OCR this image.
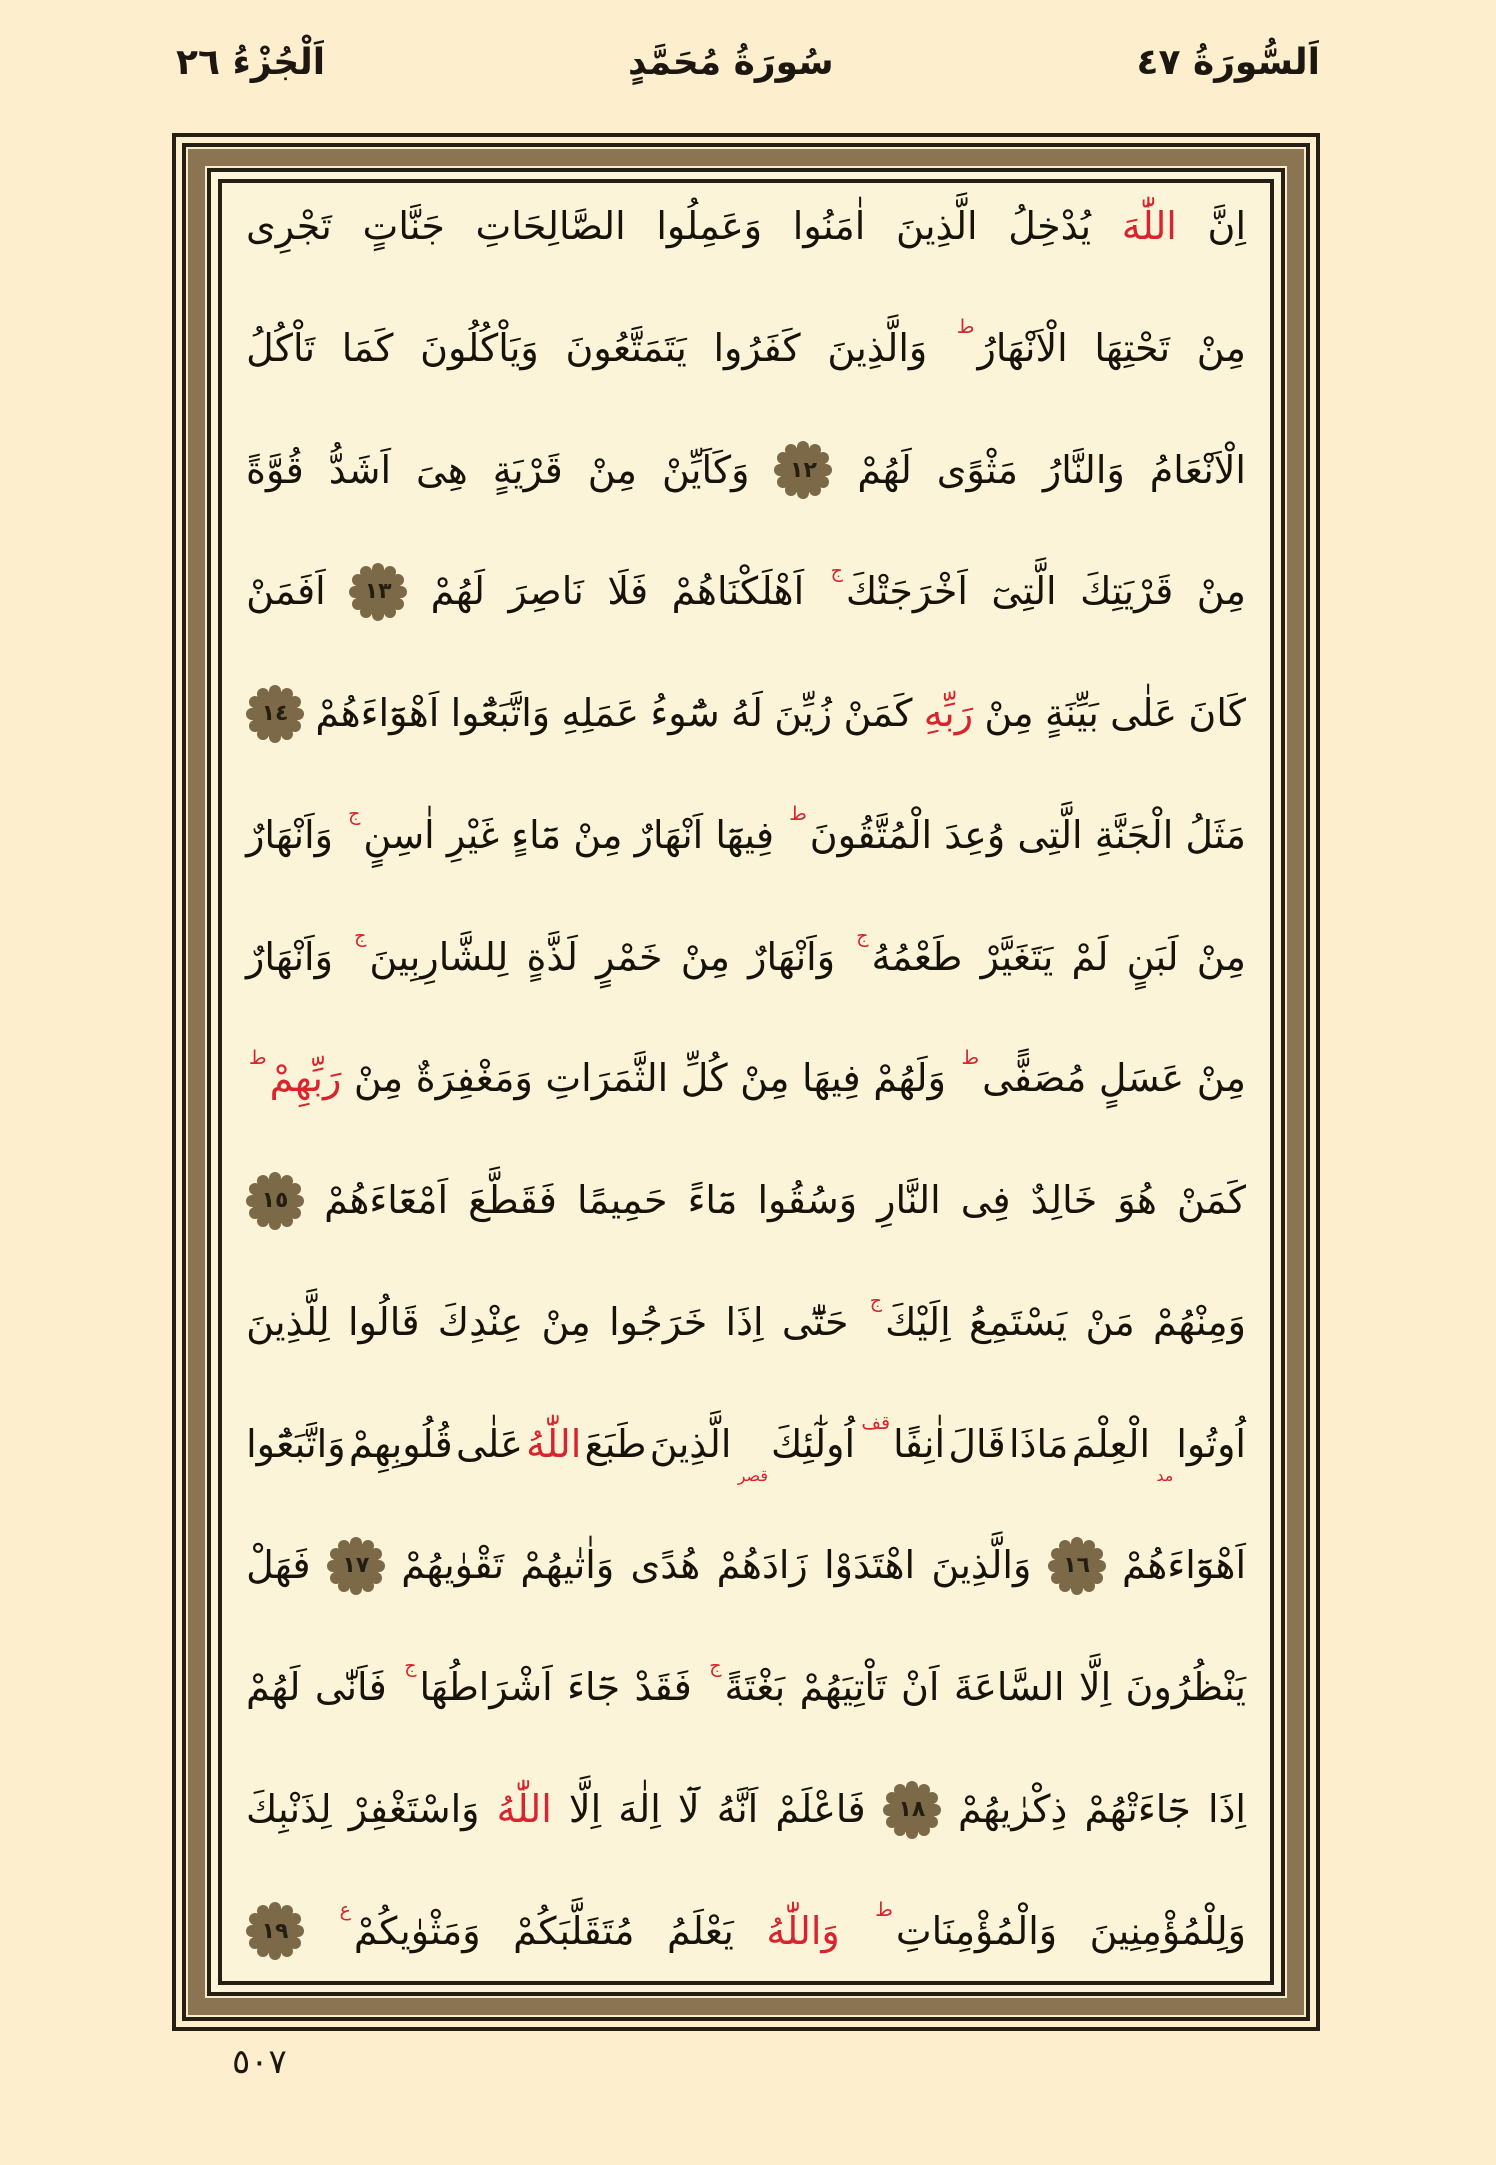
اَلسُّورَةُ ٤٧
سُورَةُ مُحَمَّدٍ
اَلْجُزْءُ ٢٦
اِنَّ
اللّٰهَ
يُدْخِلُ
الَّذِينَ
اٰمَنُوا
وَعَمِلُوا
الصَّالِحَاتِ
جَنَّاتٍ
تَجْرِى
مِنْ
تَحْتِهَا
الْاَنْهَارُط
وَالَّذِينَ
كَفَرُوا
يَتَمَتَّعُونَ
وَيَاْكُلُونَ
كَمَا
تَاْكُلُ
الْاَنْعَامُ
وَالنَّارُ
مَثْوًى
لَهُمْ
١٢
وَكَاَيِّنْ
مِنْ
قَرْيَةٍ
هِىَ
اَشَدُّ
قُوَّةً
مِنْ
قَرْيَتِكَ
الَّتِىٓ
اَخْرَجَتْكَج
اَهْلَكْنَاهُمْ
فَلَا
نَاصِرَ
لَهُمْ
١٣
اَفَمَنْ
كَانَ
عَلٰى
بَيِّنَةٍ
مِنْ
رَبِّهِ
كَمَنْ
زُيِّنَ
لَهُ
سُٓوءُ
عَمَلِهِ
وَاتَّبَعُٓوا
اَهْوَٓاءَهُمْ
١٤
مَثَلُ
الْجَنَّةِ
الَّتِى
وُعِدَ
الْمُتَّقُونَط
فِيهَٓا
اَنْهَارٌ
مِنْ
مَٓاءٍ
غَيْرِ
اٰسِنٍج
وَاَنْهَارٌ
مِنْ
لَبَنٍ
لَمْ
يَتَغَيَّرْ
طَعْمُهُج
وَاَنْهَارٌ
مِنْ
خَمْرٍ
لَذَّةٍ
لِلشَّارِبِينَج
وَاَنْهَارٌ
مِنْ
عَسَلٍ
مُصَفًّىط
وَلَهُمْ
فِيهَا
مِنْ
كُلِّ
الثَّمَرَاتِ
وَمَغْفِرَةٌ
مِنْ
رَبِّهِمْط
كَمَنْ
هُوَ
خَالِدٌ
فِى
النَّارِ
وَسُقُوا
مَٓاءً
حَمِيمًا
فَقَطَّعَ
اَمْعَٓاءَهُمْ
١٥
وَمِنْهُمْ
مَنْ
يَسْتَمِعُ
اِلَيْكَج
حَتّٰٓى
اِذَا
خَرَجُوا
مِنْ
عِنْدِكَ
قَالُوا
لِلَّذِينَ
اُوتُوامد
الْعِلْمَ
مَاذَا
قَالَ
اٰنِفًاقف
اُولٰٓئِكَقصر
الَّذِينَ
طَبَعَ
اللّٰهُ
عَلٰى
قُلُوبِهِمْ
وَاتَّبَعُٓوا
اَهْوَٓاءَهُمْ
١٦
وَالَّذِينَ
اهْتَدَوْا
زَادَهُمْ
هُدًى
وَاٰتٰيهُمْ
تَقْوٰيهُمْ
١٧
فَهَلْ
يَنْظُرُونَ
اِلَّا
السَّاعَةَ
اَنْ
تَاْتِيَهُمْ
بَغْتَةًج
فَقَدْ
جَٓاءَ
اَشْرَاطُهَاج
فَاَنّٰى
لَهُمْ
اِذَا
جَٓاءَتْهُمْ
ذِكْرٰيهُمْ
١٨
فَاعْلَمْ
اَنَّهُ
لَٓا
اِلٰهَ
اِلَّا
اللّٰهُ
وَاسْتَغْفِرْ
لِذَنْبِكَ
وَلِلْمُؤْمِنِينَ
وَالْمُؤْمِنَاتِط
وَاللّٰهُ
يَعْلَمُ
مُتَقَلَّبَكُمْ
وَمَثْوٰيكُمْع
١٩
٥٠٧
